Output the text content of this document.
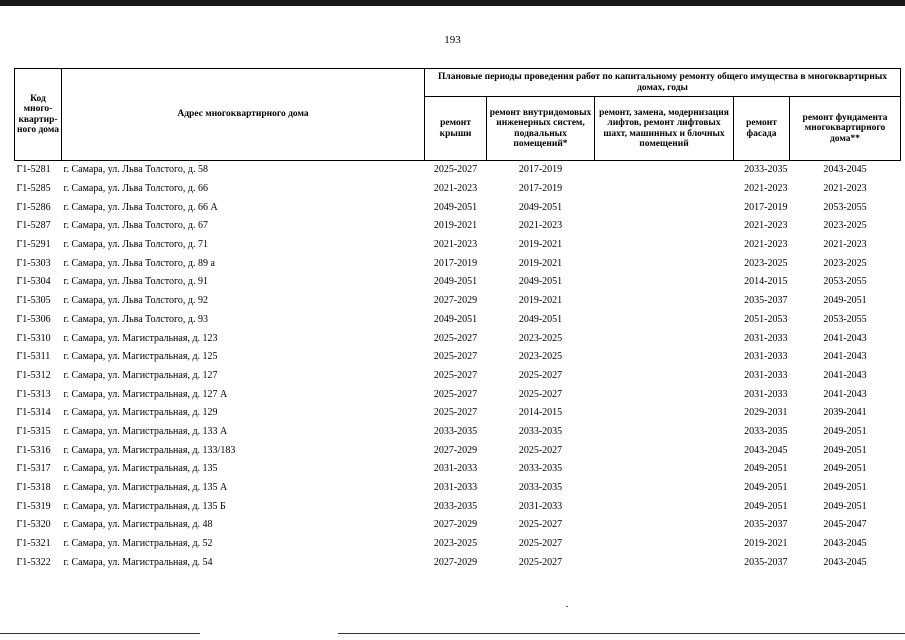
193
Код много-квартир-ного дома	Адрес многоквартирного дома	Плановые периоды проведения работ по капитальному ремонту общего имущества в многоквартирных домах, годы				
		ремонт крыши	ремонт внутридомовых инженерных систем, подвальных помещений*	ремонт, замена, модернизация лифтов, ремонт лифтовых шахт, машинных и блочных помещений	ремонт фасада	ремонт фундамента многоквартирного дома**
Г1-5281	г. Самара, ул. Льва Толстого, д. 58	2025-2027	2017-2019		2033-2035	2043-2045
Г1-5285	г. Самара, ул. Льва Толстого, д. 66	2021-2023	2017-2019		2021-2023	2021-2023
Г1-5286	г. Самара, ул. Льва Толстого, д. 66 А	2049-2051	2049-2051		2017-2019	2053-2055
Г1-5287	г. Самара, ул. Льва Толстого, д. 67	2019-2021	2021-2023		2021-2023	2023-2025
Г1-5291	г. Самара, ул. Льва Толстого, д. 71	2021-2023	2019-2021		2021-2023	2021-2023
Г1-5303	г. Самара, ул. Льва Толстого, д. 89 а	2017-2019	2019-2021		2023-2025	2023-2025
Г1-5304	г. Самара, ул. Льва Толстого, д. 91	2049-2051	2049-2051		2014-2015	2053-2055
Г1-5305	г. Самара, ул. Льва Толстого, д. 92	2027-2029	2019-2021		2035-2037	2049-2051
Г1-5306	г. Самара, ул. Льва Толстого, д. 93	2049-2051	2049-2051		2051-2053	2053-2055
Г1-5310	г. Самара, ул. Магистральная, д. 123	2025-2027	2023-2025		2031-2033	2041-2043
Г1-5311	г. Самара, ул. Магистральная, д. 125	2025-2027	2023-2025		2031-2033	2041-2043
Г1-5312	г. Самара, ул. Магистральная, д. 127	2025-2027	2025-2027		2031-2033	2041-2043
Г1-5313	г. Самара, ул. Магистральная, д. 127 А	2025-2027	2025-2027		2031-2033	2041-2043
Г1-5314	г. Самара, ул. Магистральная, д. 129	2025-2027	2014-2015		2029-2031	2039-2041
Г1-5315	г. Самара, ул. Магистральная, д. 133 А	2033-2035	2033-2035		2033-2035	2049-2051
Г1-5316	г. Самара, ул. Магистральная, д. 133/183	2027-2029	2025-2027		2043-2045	2049-2051
Г1-5317	г. Самара, ул. Магистральная, д. 135	2031-2033	2033-2035		2049-2051	2049-2051
Г1-5318	г. Самара, ул. Магистральная, д. 135 А	2031-2033	2033-2035		2049-2051	2049-2051
Г1-5319	г. Самара, ул. Магистральная, д. 135 Б	2033-2035	2031-2033		2049-2051	2049-2051
Г1-5320	г. Самара, ул. Магистральная, д. 48	2027-2029	2025-2027		2035-2037	2045-2047
Г1-5321	г. Самара, ул. Магистральная, д. 52	2023-2025	2025-2027		2019-2021	2043-2045
Г1-5322	г. Самара, ул. Магистральная, д. 54	2027-2029	2025-2027		2035-2037	2043-2045
